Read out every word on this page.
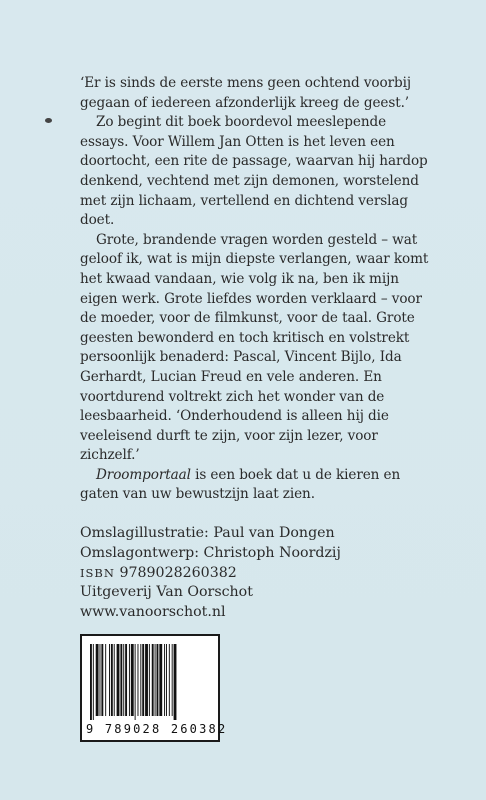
‘Er is sinds de eerste mens geen ochtend voorbij gegaan of iedereen afzonderlijk kreeg de geest.’

Zo begint dit boek boordevol meeslepende essays. Voor Willem Jan Otten is het leven een doortocht, een rite de passage, waarvan hij hardop denkend, vechtend met zijn demonen, worstelend met zijn lichaam, vertellend en dichtend verslag doet.

Grote, brandende vragen worden gesteld – wat geloof ik, wat is mijn diepste verlangen, waar komt het kwaad vandaan, wie volg ik na, ben ik mijn eigen werk. Grote liefdes worden verklaard – voor de moeder, voor de filmkunst, voor de taal. Grote geesten bewonderd en toch kritisch en volstrekt persoonlijk benaderd: Pascal, Vincent Bijlo, Ida Gerhardt, Lucian Freud en vele anderen. En voortdurend voltrekt zich het wonder van de leesbaarheid. ‘Onderhoudend is alleen hij die veeleisend durft te zijn, voor zijn lezer, voor zichzelf.’

Droomportaal is een boek dat u de kieren en gaten van uw bewustzijn laat zien.

Omslagillustratie: Paul van Dongen
Omslagontwerp: Christoph Noordzij
ISBN 9789028260382
Uitgeverij Van Oorschot
www.vanoorschot.nl
9 789028 260382
